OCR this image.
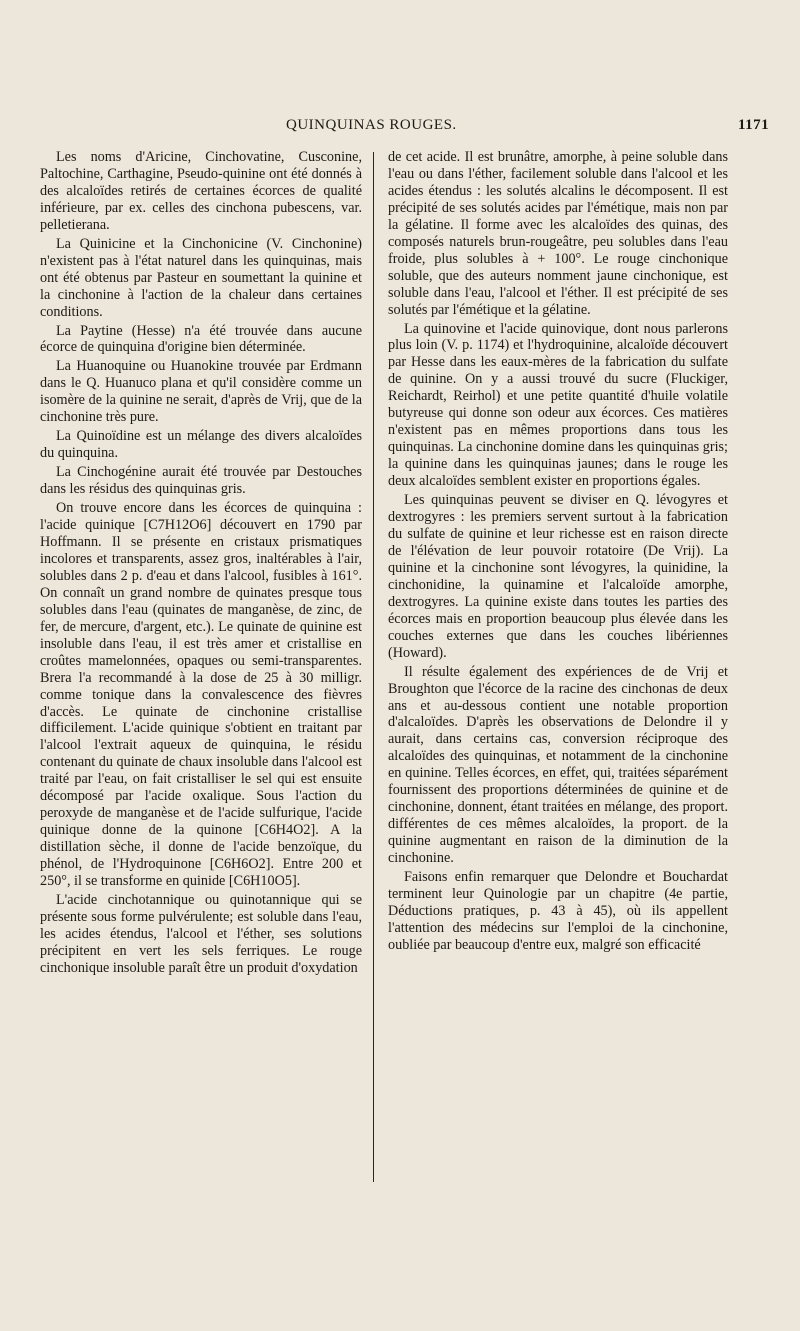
QUINQUINAS ROUGES.	1171

Les noms d'Aricine, Cinchovatine, Cusconine, Paltochine, Carthagine, Pseudo-quinine ont été donnés à des alcaloïdes retirés de certaines écorces de qualité inférieure, par ex. celles des cinchona pubescens, var. pelletierana.

La Quinicine et la Cinchonicine (V. Cinchonine) n'existent pas à l'état naturel dans les quinquinas, mais ont été obtenus par Pasteur en soumettant la quinine et la cinchonine à l'action de la chaleur dans certaines conditions.

La Paytine (Hesse) n'a été trouvée dans aucune écorce de quinquina d'origine bien déterminée.

La Huanoquine ou Huanokine trouvée par Erdmann dans le Q. Huanuco plana et qu'il considère comme un isomère de la quinine ne serait, d'après de Vrij, que de la cinchonine très pure.

La Quinoïdine est un mélange des divers alcaloïdes du quinquina.

La Cinchogénine aurait été trouvée par Destouches dans les résidus des quinquinas gris.

On trouve encore dans les écorces de quinquina : l'acide quinique [C7H12O6] découvert en 1790 par Hoffmann. Il se présente en cristaux prismatiques incolores et transparents, assez gros, inaltérables à l'air, solubles dans 2 p. d'eau et dans l'alcool, fusibles à 161°. On connaît un grand nombre de quinates presque tous solubles dans l'eau (quinates de manganèse, de zinc, de fer, de mercure, d'argent, etc.). Le quinate de quinine est insoluble dans l'eau, il est très amer et cristallise en croûtes mamelonnées, opaques ou semi-transparentes. Brera l'a recommandé à la dose de 25 à 30 milligr. comme tonique dans la convalescence des fièvres d'accès. Le quinate de cinchonine cristallise difficilement. L'acide quinique s'obtient en traitant par l'alcool l'extrait aqueux de quinquina, le résidu contenant du quinate de chaux insoluble dans l'alcool est traité par l'eau, on fait cristalliser le sel qui est ensuite décomposé par l'acide oxalique. Sous l'action du peroxyde de manganèse et de l'acide sulfurique, l'acide quinique donne de la quinone [C6H4O2]. A la distillation sèche, il donne de l'acide benzoïque, du phénol, de l'Hydroquinone [C6H6O2]. Entre 200 et 250°, il se transforme en quinide [C6H10O5].

L'acide cinchotannique ou quinotannique qui se présente sous forme pulvérulente; est soluble dans l'eau, les acides étendus, l'alcool et l'éther, ses solutions précipitent en vert les sels ferriques. Le rouge cinchonique insoluble paraît être un produit d'oxydation

de cet acide. Il est brunâtre, amorphe, à peine soluble dans l'eau ou dans l'éther, facilement soluble dans l'alcool et les acides étendus : les solutés alcalins le décomposent. Il est précipité de ses solutés acides par l'émétique, mais non par la gélatine. Il forme avec les alcaloïdes des quinas, des composés naturels brun-rougeâtre, peu solubles dans l'eau froide, plus solubles à + 100°. Le rouge cinchonique soluble, que des auteurs nomment jaune cinchonique, est soluble dans l'eau, l'alcool et l'éther. Il est précipité de ses solutés par l'émétique et la gélatine.

La quinovine et l'acide quinovique, dont nous parlerons plus loin (V. p. 1174) et l'hydroquinine, alcaloïde découvert par Hesse dans les eaux-mères de la fabrication du sulfate de quinine. On y a aussi trouvé du sucre (Fluckiger, Reichardt, Reirhol) et une petite quantité d'huile volatile butyreuse qui donne son odeur aux écorces. Ces matières n'existent pas en mêmes proportions dans tous les quinquinas. La cinchonine domine dans les quinquinas gris; la quinine dans les quinquinas jaunes; dans le rouge les deux alcaloïdes semblent exister en proportions égales.

Les quinquinas peuvent se diviser en Q. lévogyres et dextrogyres : les premiers servent surtout à la fabrication du sulfate de quinine et leur richesse est en raison directe de l'élévation de leur pouvoir rotatoire (De Vrij). La quinine et la cinchonine sont lévogyres, la quinidine, la cinchonidine, la quinamine et l'alcaloïde amorphe, dextrogyres. La quinine existe dans toutes les parties des écorces mais en proportion beaucoup plus élevée dans les couches externes que dans les couches libériennes (Howard).

Il résulte également des expériences de de Vrij et Broughton que l'écorce de la racine des cinchonas de deux ans et au-dessous contient une notable proportion d'alcaloïdes. D'après les observations de Delondre il y aurait, dans certains cas, conversion réciproque des alcaloïdes des quinquinas, et notamment de la cinchonine en quinine. Telles écorces, en effet, qui, traitées séparément fournissent des proportions déterminées de quinine et de cinchonine, donnent, étant traitées en mélange, des proport. différentes de ces mêmes alcaloïdes, la proport. de la quinine augmentant en raison de la diminution de la cinchonine.

Faisons enfin remarquer que Delondre et Bouchardat terminent leur Quinologie par un chapitre (4e partie, Déductions pratiques, p. 43 à 45), où ils appellent l'attention des médecins sur l'emploi de la cinchonine, oubliée par beaucoup d'entre eux, malgré son efficacité
